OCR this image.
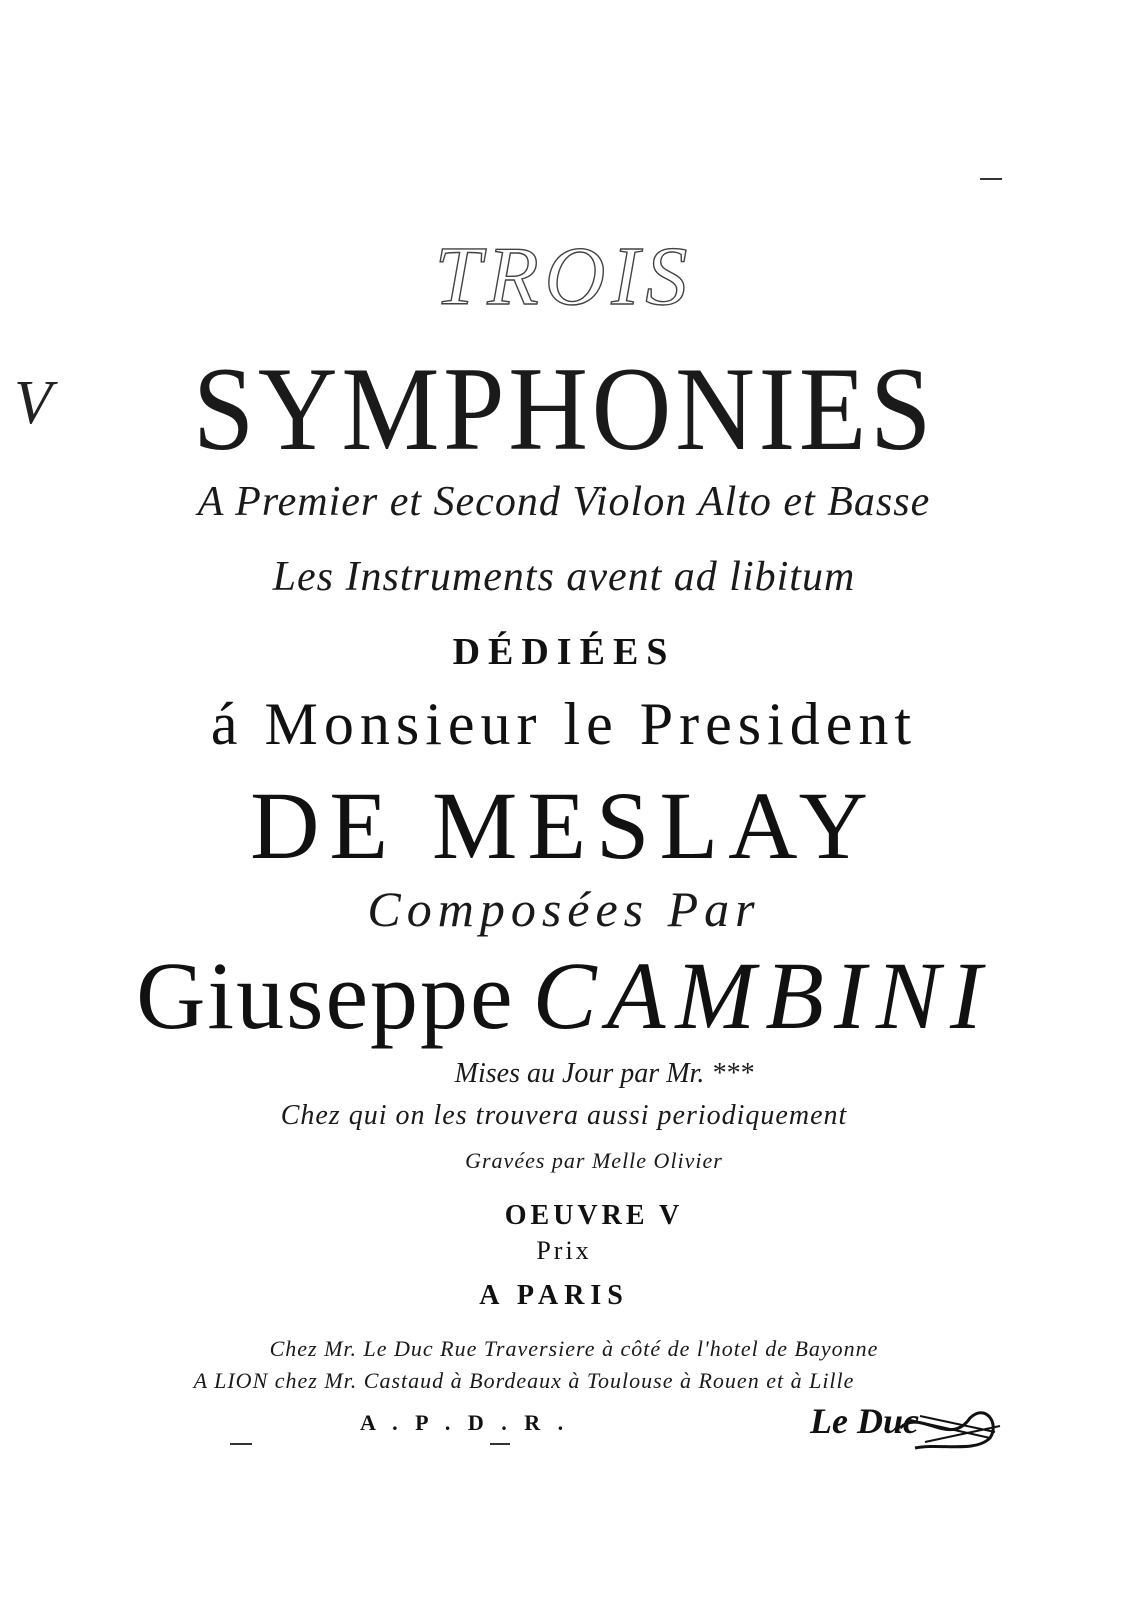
V
TROIS
SYMPHONIES
A Premier et Second Violon Alto et Basse
Les Instruments avent ad libitum
DÉDIÉES
á Monsieur le President
DE MESLAY
Composées Par
Giuseppe CAMBINI
Mises au Jour par Mr. ***
Chez qui on les trouvera aussi periodiquement
Gravées par Melle Olivier
OEUVRE V
Prix
A PARIS
Chez Mr. Le Duc Rue Traversiere à côté de l'hotel de Bayonne
A LION chez Mr. Castaud à Bordeaux à Toulouse à Rouen et à Lille
A . P . D . R .	Le Duc
